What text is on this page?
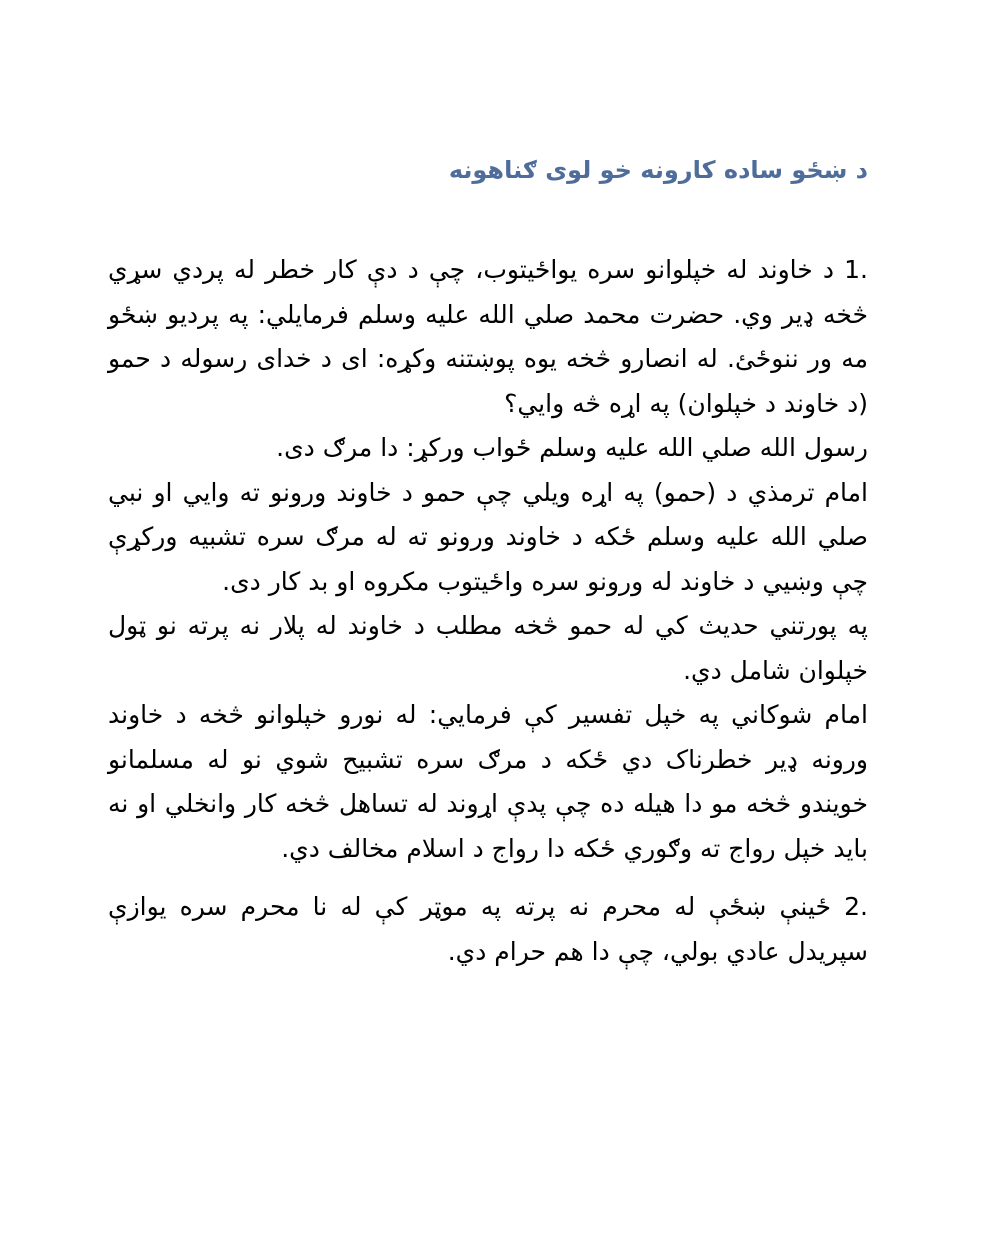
د ښځو ساده کارونه خو لوی ګناهونه

1. د خاوند له خپلوانو سره یواځیتوب، چې د دې کار خطر له پردي سړي څخه ډیر وي. حضرت محمد صلي الله علیه وسلم فرمایلي: په پردیو ښځو مه ور ننوځئ. له انصارو څخه یوه پوښتنه وکړه: ای د خدای رسوله د حمو (د خاوند د خپلوان) په اړه څه وایي؟

رسول الله صلي الله علیه وسلم ځواب ورکړ: دا مرګ دی.

امام ترمذي د (حمو) په اړه ویلي چې حمو د خاوند ورونو ته وایي او نبي صلي الله علیه وسلم ځکه د خاوند ورونو ته له مرګ سره تشبیه ورکړې چې وښیي د خاوند له ورونو سره واځیتوب مکروه او بد کار دی.

په پورتني حدیث کي له حمو څخه مطلب د خاوند له پلار نه پرته نو ټول خپلوان شامل دي.

امام شوکاني په خپل تفسیر کې فرمایي: له نورو خپلوانو څخه د خاوند ورونه ډیر خطرناک دي ځکه د مرګ سره تشبیح شوي نو له مسلمانو خویندو څخه مو دا هیله ده چې پدې اړوند له تساهل څخه کار وانخلي او نه باید خپل رواج ته وګوري ځکه دا رواج د اسلام مخالف دي.

2. ځینې ښځې له محرم نه پرته په موټر کې له نا محرم سره یوازې سپریدل عادي بولي، چې دا هم حرام دي.
